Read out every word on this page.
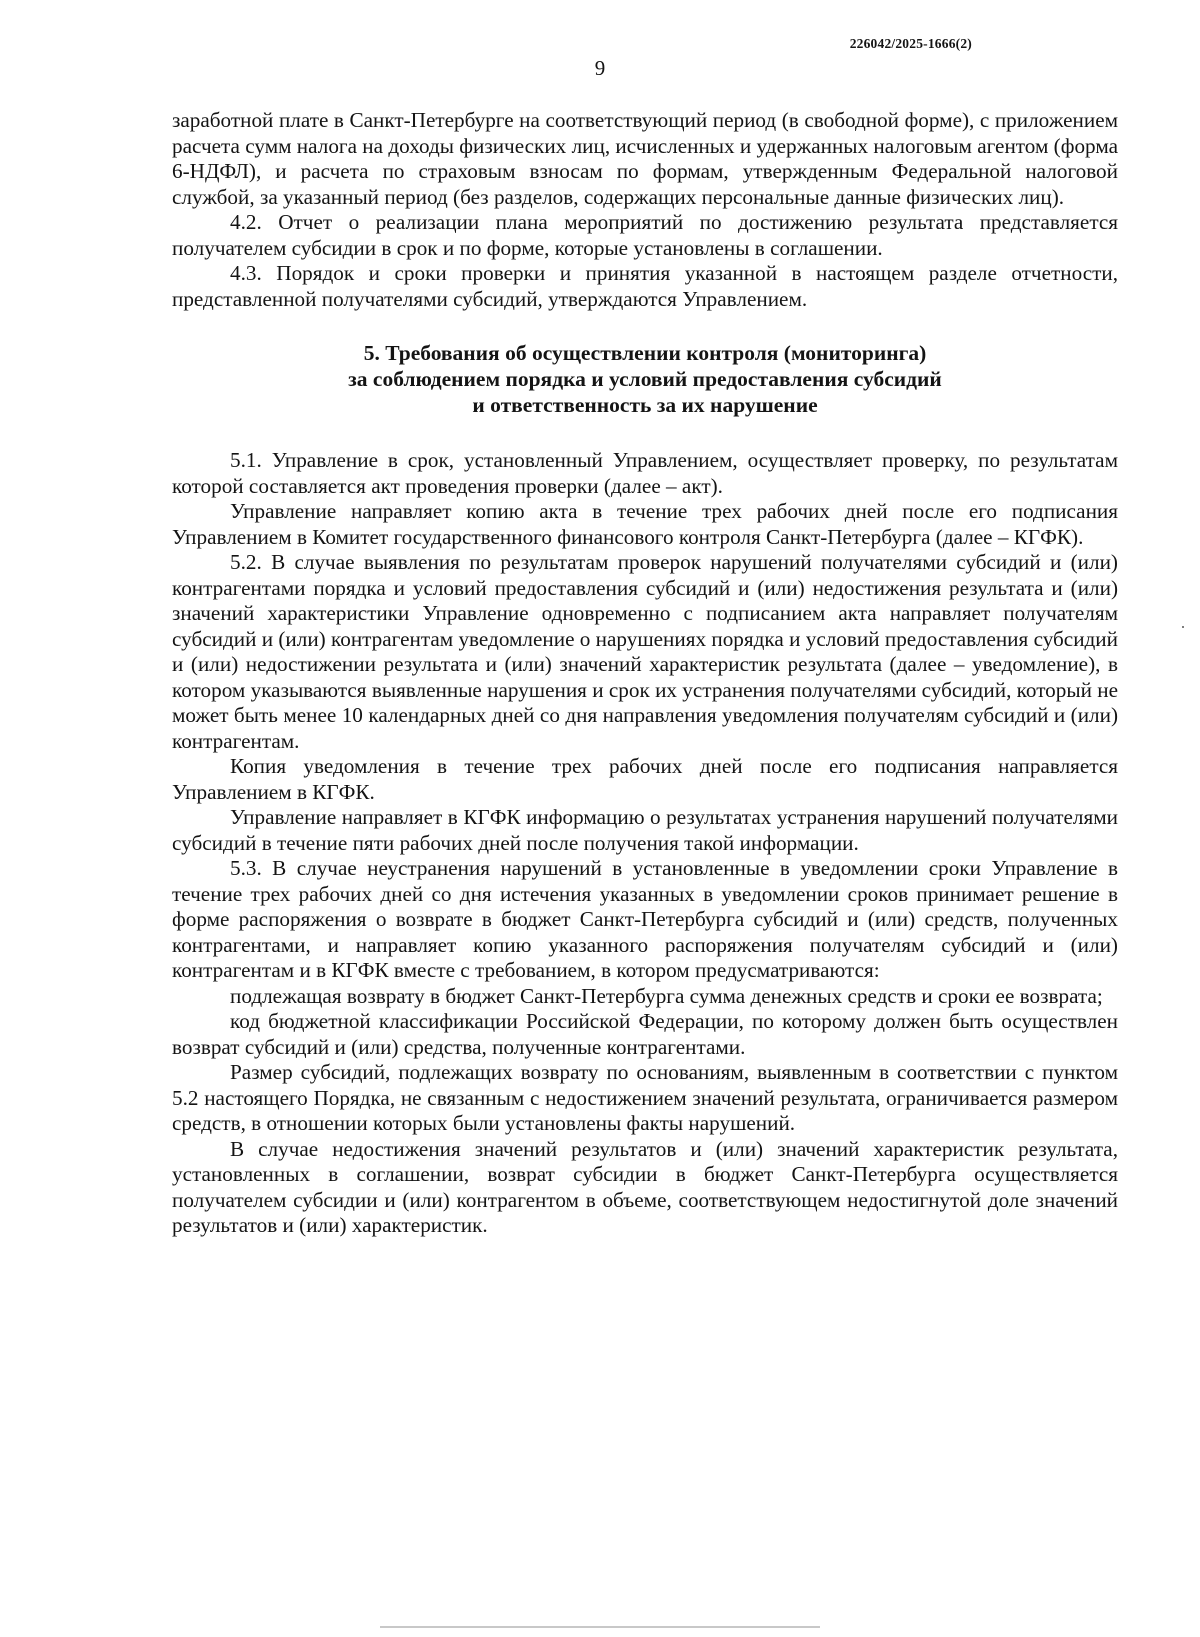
226042/2025-1666(2)
9

заработной плате в Санкт-Петербурге на соответствующий период (в свободной форме), с приложением расчета сумм налога на доходы физических лиц, исчисленных и удержанных налоговым агентом (форма 6-НДФЛ), и расчета по страховым взносам по формам, утвержденным Федеральной налоговой службой, за указанный период (без разделов, содержащих персональные данные физических лиц).

4.2. Отчет о реализации плана мероприятий по достижению результата представляется получателем субсидии в срок и по форме, которые установлены в соглашении.

4.3. Порядок и сроки проверки и принятия указанной в настоящем разделе отчетности, представленной получателями субсидий, утверждаются Управлением.

5. Требования об осуществлении контроля (мониторинга)
за соблюдением порядка и условий предоставления субсидий
и ответственность за их нарушение

5.1. Управление в срок, установленный Управлением, осуществляет проверку, по результатам которой составляется акт проведения проверки (далее – акт).

Управление направляет копию акта в течение трех рабочих дней после его подписания Управлением в Комитет государственного финансового контроля Санкт-Петербурга (далее – КГФК).

5.2. В случае выявления по результатам проверок нарушений получателями субсидий и (или) контрагентами порядка и условий предоставления субсидий и (или) недостижения результата и (или) значений характеристики Управление одновременно с подписанием акта направляет получателям субсидий и (или) контрагентам уведомление о нарушениях порядка и условий предоставления субсидий и (или) недостижении результата и (или) значений характеристик результата (далее – уведомление), в котором указываются выявленные нарушения и срок их устранения получателями субсидий, который не может быть менее 10 календарных дней со дня направления уведомления получателям субсидий и (или) контрагентам.

Копия уведомления в течение трех рабочих дней после его подписания направляется Управлением в КГФК.

Управление направляет в КГФК информацию о результатах устранения нарушений получателями субсидий в течение пяти рабочих дней после получения такой информации.

5.3. В случае неустранения нарушений в установленные в уведомлении сроки Управление в течение трех рабочих дней со дня истечения указанных в уведомлении сроков принимает решение в форме распоряжения о возврате в бюджет Санкт-Петербурга субсидий и (или) средств, полученных контрагентами, и направляет копию указанного распоряжения получателям субсидий и (или) контрагентам и в КГФК вместе с требованием, в котором предусматриваются:

подлежащая возврату в бюджет Санкт-Петербурга сумма денежных средств и сроки ее возврата;

код бюджетной классификации Российской Федерации, по которому должен быть осуществлен возврат субсидий и (или) средства, полученные контрагентами.

Размер субсидий, подлежащих возврату по основаниям, выявленным в соответствии с пунктом 5.2 настоящего Порядка, не связанным с недостижением значений результата, ограничивается размером средств, в отношении которых были установлены факты нарушений.

В случае недостижения значений результатов и (или) значений характеристик результата, установленных в соглашении, возврат субсидии в бюджет Санкт-Петербурга осуществляется получателем субсидии и (или) контрагентом в объеме, соответствующем недостигнутой доле значений результатов и (или) характеристик.
